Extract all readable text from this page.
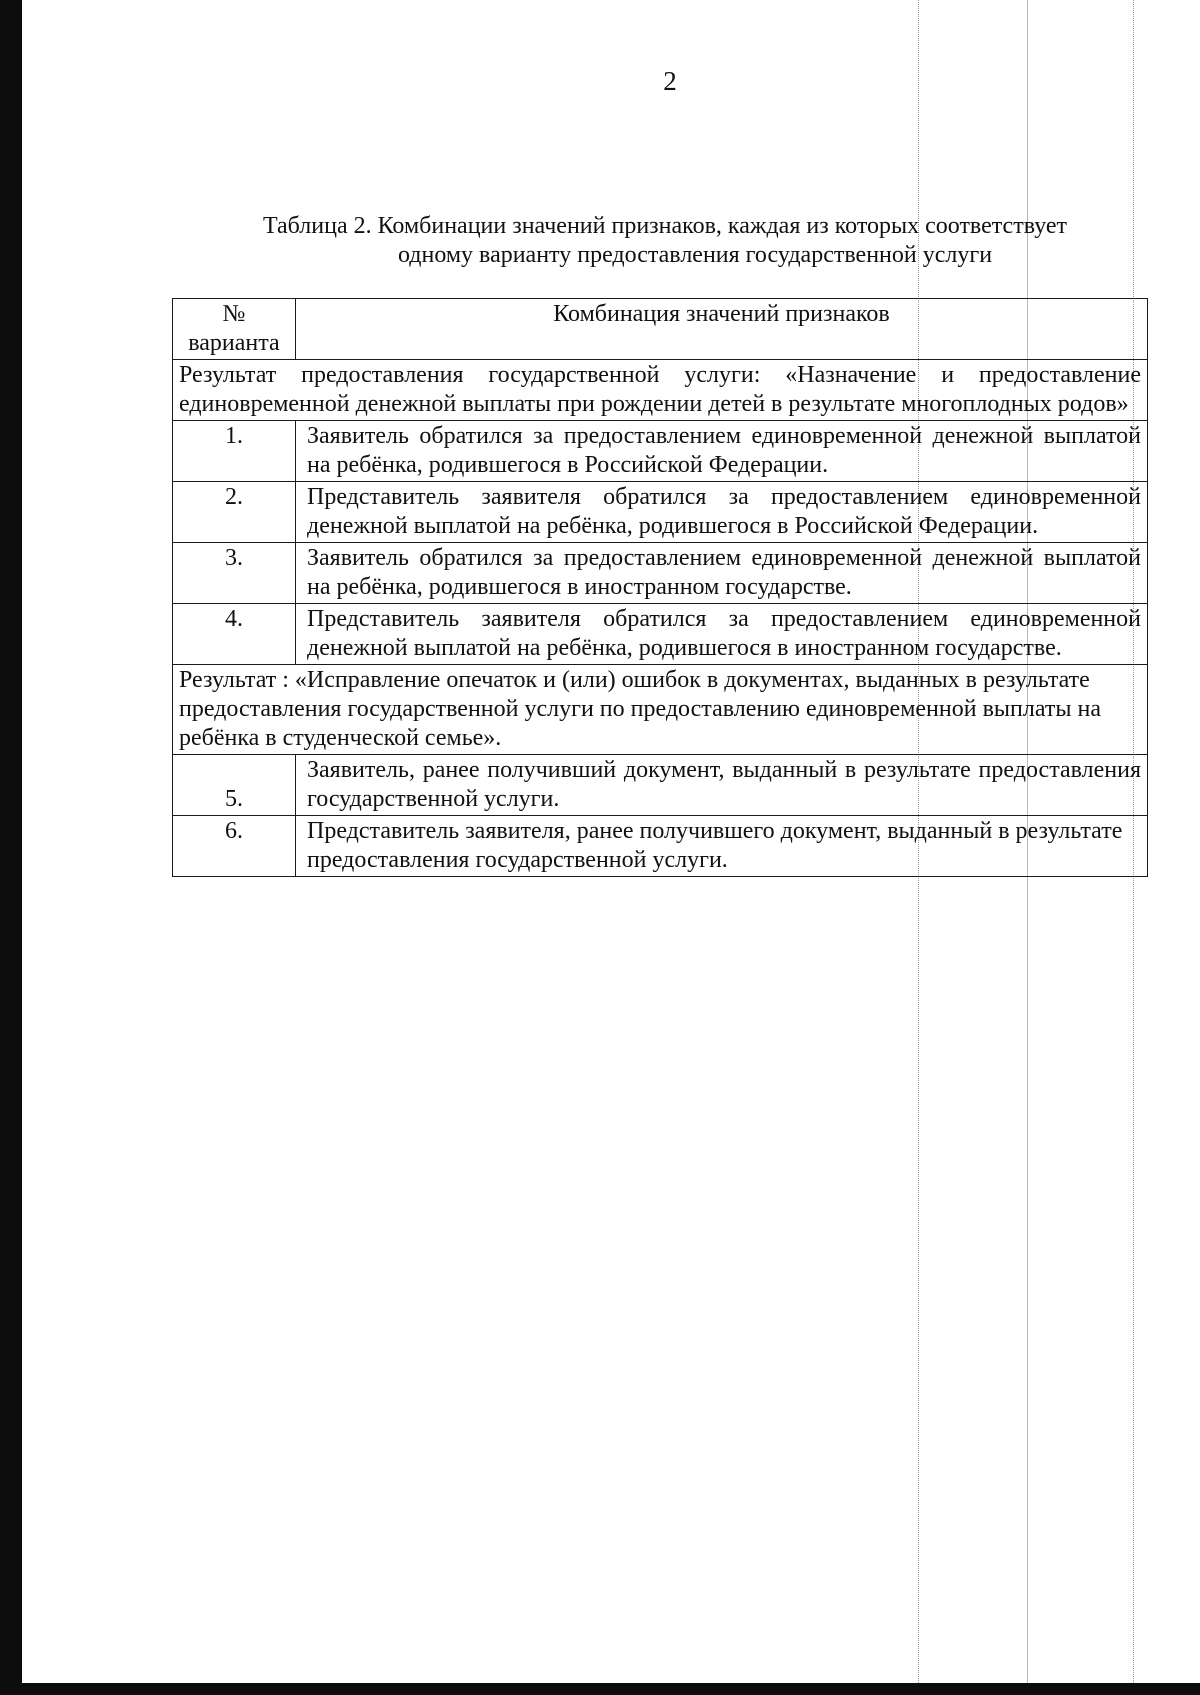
2
Таблица 2. Комбинации значений признаков, каждая из которых соответствует
одному варианту предоставления государственной услуги
№ варианта	Комбинация значений признаков
Результат предоставления государственной услуги: «Назначение и предоставление единовременной денежной выплаты при рождении детей в результате многоплодных родов»	
1.	Заявитель обратился за предоставлением единовременной денежной выплатой на ребёнка, родившегося в Российской Федерации.
2.	Представитель заявителя обратился за предоставлением единовременной денежной выплатой на ребёнка, родившегося в Российской Федерации.
3.	Заявитель обратился за предоставлением единовременной денежной выплатой на ребёнка, родившегося в иностранном государстве.
4.	Представитель заявителя обратился за предоставлением единовременной денежной выплатой на ребёнка, родившегося в иностранном государстве.
Результат : «Исправление опечаток и (или) ошибок в документах, выданных в результате предоставления государственной услуги по предоставлению единовременной выплаты на ребёнка в студенческой семье».	
5.	Заявитель, ранее получивший документ, выданный в результате предоставления государственной услуги.
6.	Представитель заявителя, ранее получившего документ, выданный в результате предоставления государственной услуги.
